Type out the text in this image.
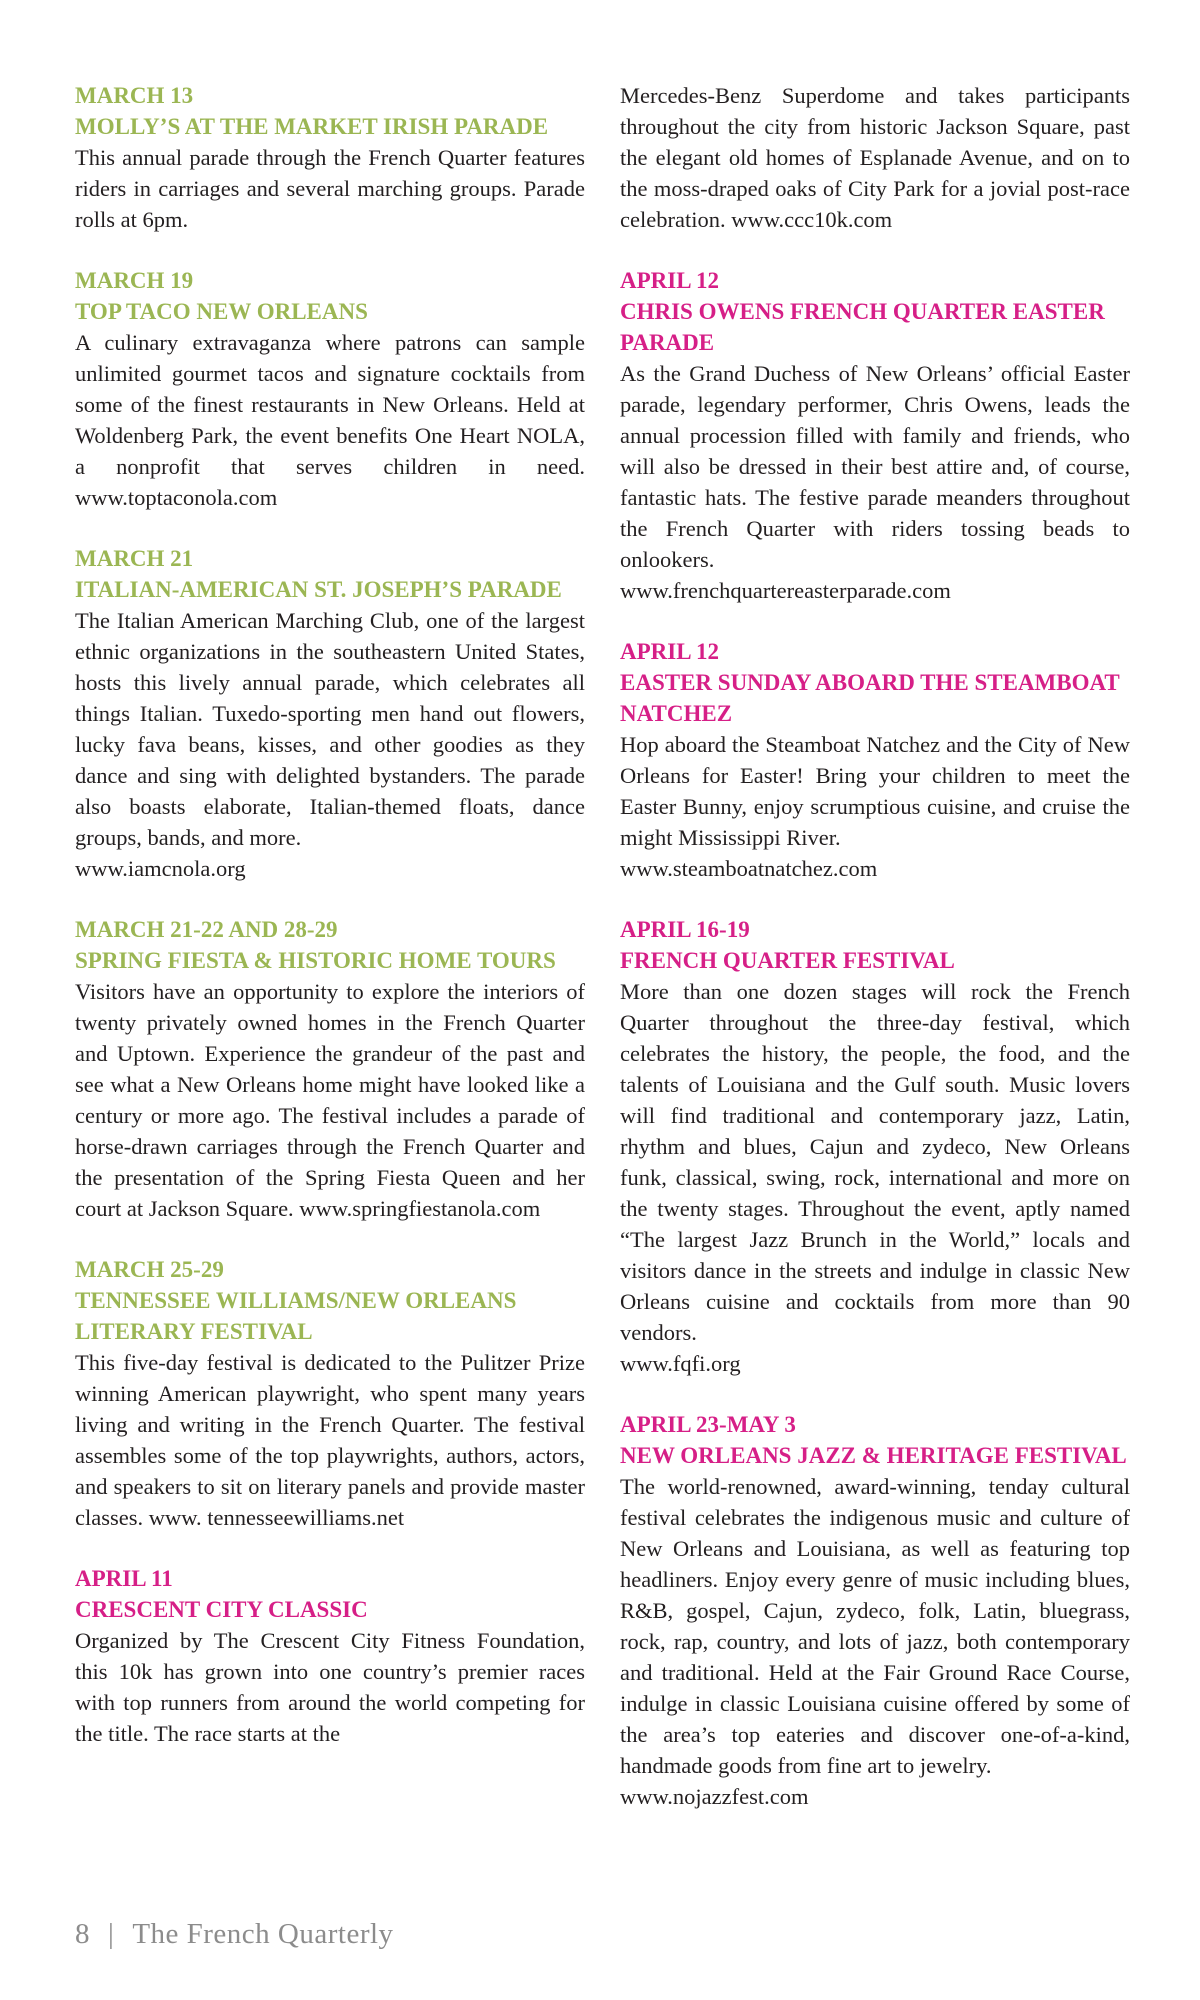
MARCH 13
MOLLY’S AT THE MARKET IRISH PARADE

This annual parade through the French Quarter features riders in carriages and several marching groups. Parade rolls at 6pm.

MARCH 19
TOP TACO NEW ORLEANS

A culinary extravaganza where patrons can sample unlimited gourmet tacos and signature cocktails from some of the finest restaurants in New Orleans. Held at Woldenberg Park, the event benefits One Heart NOLA, a nonprofit that serves children in need. www.toptaconola.com

MARCH 21
ITALIAN-AMERICAN ST. JOSEPH’S PARADE

The Italian American Marching Club, one of the largest ethnic organizations in the southeastern United States, hosts this lively annual parade, which celebrates all things Italian. Tuxedo-sporting men hand out flowers, lucky fava beans, kisses, and other goodies as they dance and sing with delighted bystanders. The parade also boasts elaborate, Italian-themed floats, dance groups, bands, and more.

www.iamcnola.org
MARCH 21-22 AND 28-29
SPRING FIESTA & HISTORIC HOME TOURS

Visitors have an opportunity to explore the interiors of twenty privately owned homes in the French Quarter and Uptown. Experience the grandeur of the past and see what a New Orleans home might have looked like a century or more ago. The festival includes a parade of horse-drawn carriages through the French Quarter and the presentation of the Spring Fiesta Queen and her court at Jackson Square. www.springfiestanola.com

MARCH 25-29
TENNESSEE WILLIAMS/NEW ORLEANS LITERARY FESTIVAL

This five-day festival is dedicated to the Pulitzer Prize winning American playwright, who spent many years living and writing in the French Quarter. The festival assembles some of the top playwrights, authors, actors, and speakers to sit on literary panels and provide master classes. www. tennesseewilliams.net

APRIL 11
CRESCENT CITY CLASSIC

Organized by The Crescent City Fitness Foundation, this 10k has grown into one country’s premier races with top runners from around the world competing for the title. The race starts at the

Mercedes-Benz Superdome and takes participants throughout the city from historic Jackson Square, past the elegant old homes of Esplanade Avenue, and on to the moss-draped oaks of City Park for a jovial post-race celebration. www.ccc10k.com

APRIL 12
CHRIS OWENS FRENCH QUARTER EASTER PARADE

As the Grand Duchess of New Orleans’ official Easter parade, legendary performer, Chris Owens, leads the annual procession filled with family and friends, who will also be dressed in their best attire and, of course, fantastic hats. The festive parade meanders throughout the French Quarter with riders tossing beads to onlookers.

www.frenchquartereasterparade.com
APRIL 12
EASTER SUNDAY ABOARD THE STEAMBOAT NATCHEZ

Hop aboard the Steamboat Natchez and the City of New Orleans for Easter! Bring your children to meet the Easter Bunny, enjoy scrumptious cuisine, and cruise the might Mississippi River.

www.steamboatnatchez.com
APRIL 16-19
FRENCH QUARTER FESTIVAL

More than one dozen stages will rock the French Quarter throughout the three-day festival, which celebrates the history, the people, the food, and the talents of Louisiana and the Gulf south. Music lovers will find traditional and contemporary jazz, Latin, rhythm and blues, Cajun and zydeco, New Orleans funk, classical, swing, rock, international and more on the twenty stages. Throughout the event, aptly named “The largest Jazz Brunch in the World,” locals and visitors dance in the streets and indulge in classic New Orleans cuisine and cocktails from more than 90 vendors.

www.fqfi.org
APRIL 23-MAY 3
NEW ORLEANS JAZZ & HERITAGE FESTIVAL

The world-renowned, award-winning, tenday cultural festival celebrates the indigenous music and culture of New Orleans and Louisiana, as well as featuring top headliners. Enjoy every genre of music including blues, R&B, gospel, Cajun, zydeco, folk, Latin, bluegrass, rock, rap, country, and lots of jazz, both contemporary and traditional. Held at the Fair Ground Race Course, indulge in classic Louisiana cuisine offered by some of the area’s top eateries and discover one-of-a-kind, handmade goods from fine art to jewelry.

www.nojazzfest.com
8 | The French Quarterly
